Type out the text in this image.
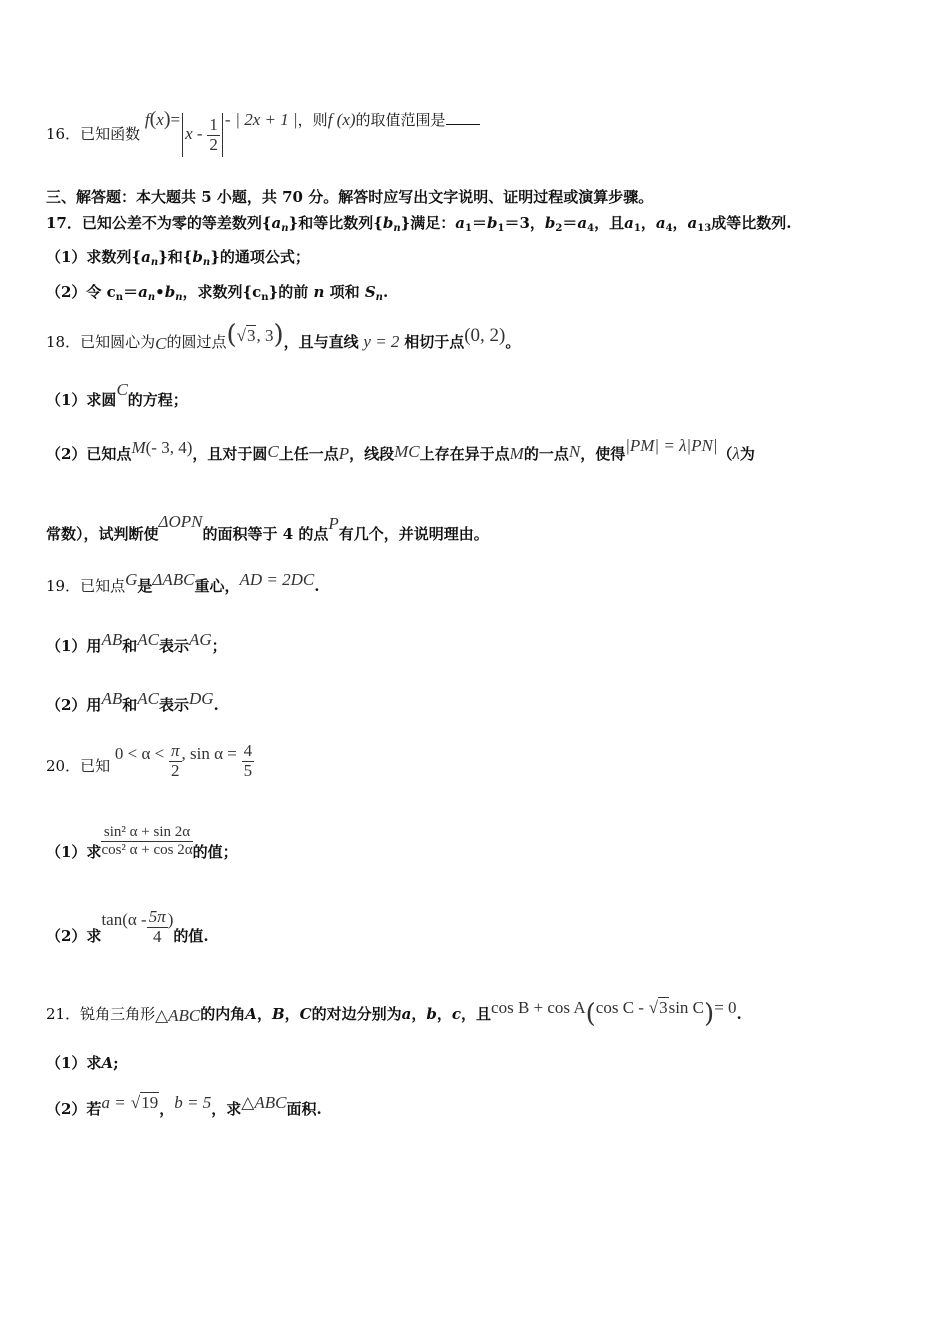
16．已知函数 $f(x)=x - \frac{1}{2}$ - | 2x + 1 |，则f (x)的取值范围是
三、解答题：本大题共 5 小题，共 70 分。解答时应写出文字说明、证明过程或演算步骤。
17．已知公差不为零的等差数列$\{a_n\}$和等比数列$\{b_n\}$满足：$a_1=b_1=3$，$b_2=a_4$，且$a_1$，$a_4$，$a_{13}$成等比数列.
（1）求数列$\{a_n\}$和$\{b_n\}$的通项公式；
（2）令 $c_n=a_n•b_n$，求数列$\{c_n\}$的前 n 项和 $S_n$.
18．已知圆心为C的圆过点(√3, 3)，且与直线 y = 2 相切于点(0, 2)。
（1）求圆C的方程；
（2）已知点M(- 3, 4)，且对于圆C上任一点P，线段MC上存在异于点M的一点N，使得|PM| = λ|PN|（λ为
常数），试判断使ΔOPN的面积等于 4 的点P有几个，并说明理由。
19．已知点G是ΔABC重心，AD = 2DC.
（1）用AB和AC表示AG；
（2）用AB和AC表示DG.
20．已知 $0 < \alpha < \frac{\pi}{2}$ , $\sin \alpha = \frac{4}{5}$
（1）求 $\frac{\text{sin² α + sin 2α}}{\text{cos² α + cos 2α}}$ 的值；
（2）求$\tan(\alpha - \frac{5\pi}{4}$ )的值.
21．锐角三角形△ABC的内角A，B，C的对边分别为a，b，c，且cos B + cos A(cos C - √3sin C)= 0.
（1）求A;
（2）若a = √19，b = 5，求△ABC面积.
